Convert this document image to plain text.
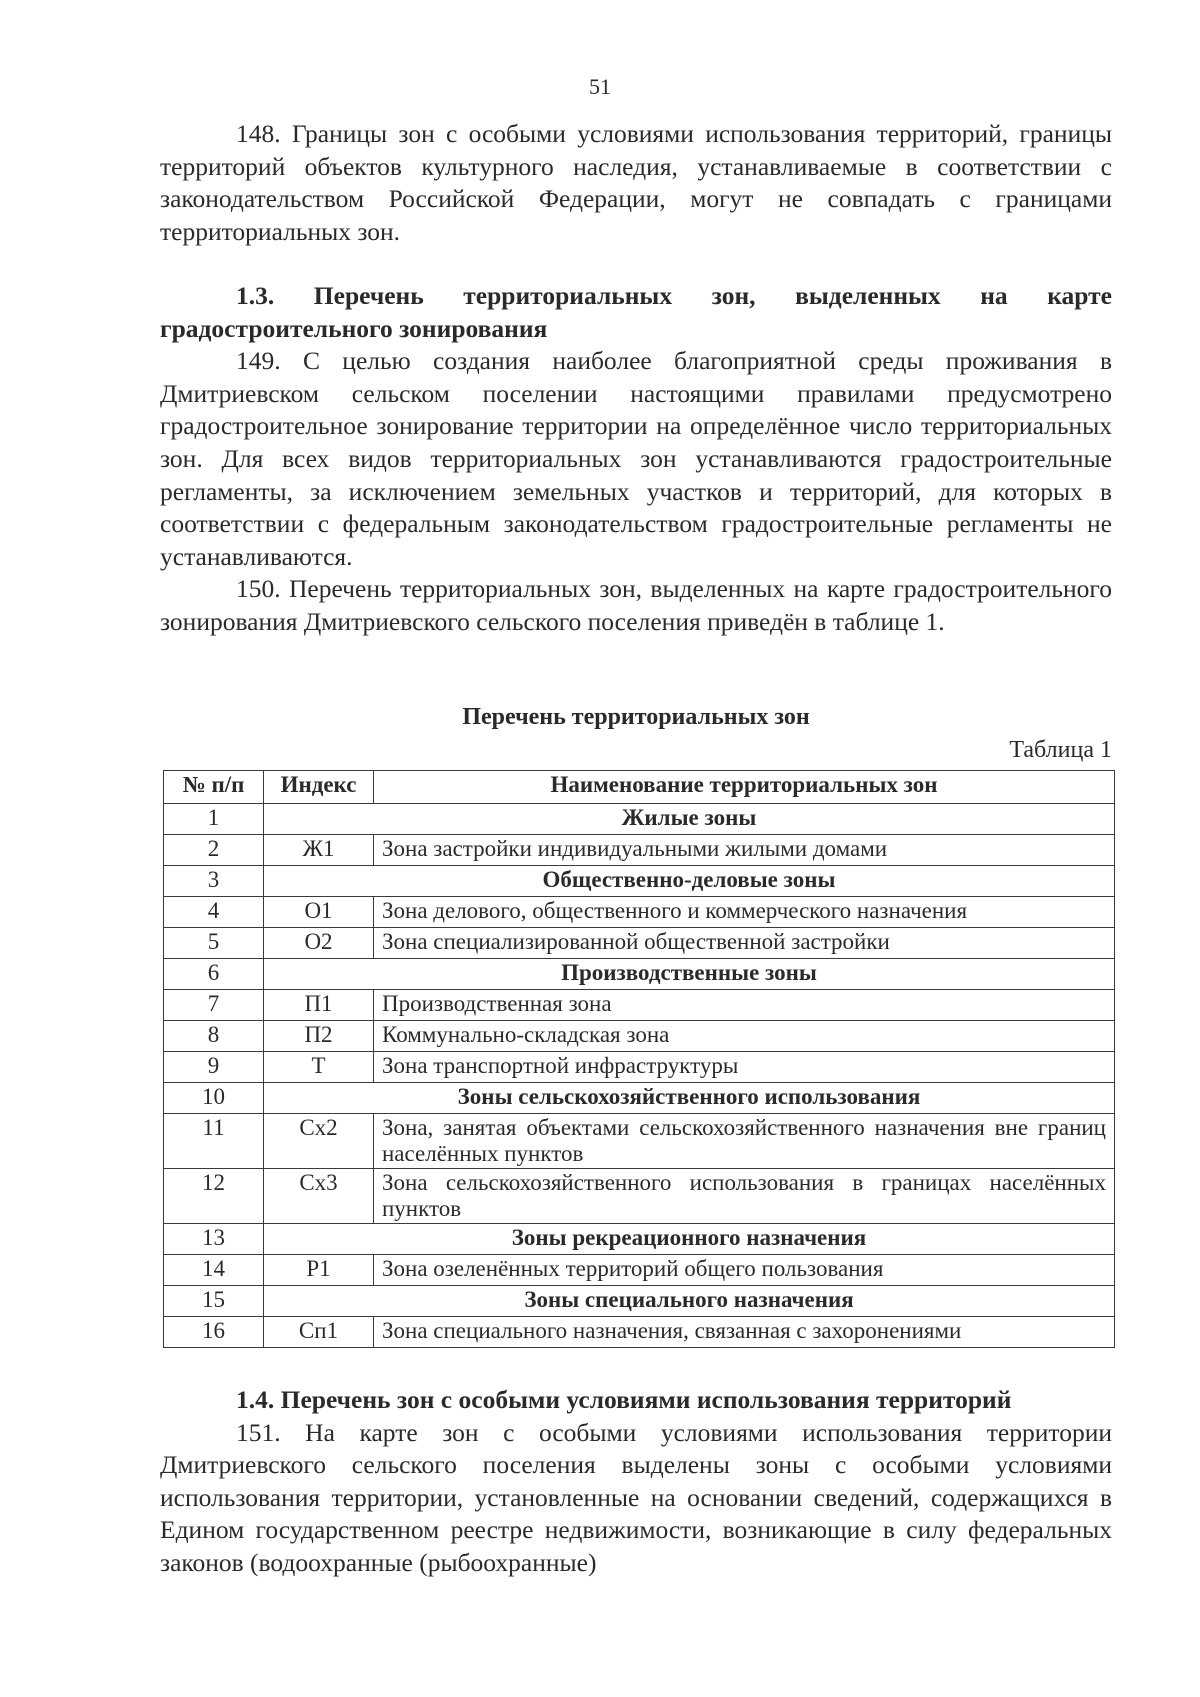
51

148. Границы зон с особыми условиями использования территорий, границы территорий объектов культурного наследия, устанавливаемые в соответствии с законодательством Российской Федерации, могут не совпадать с границами территориальных зон.

1.3. Перечень территориальных зон, выделенных на карте градостроительного зонирования

149. С целью создания наиболее благоприятной среды проживания в Дмитриевском сельском поселении настоящими правилами предусмотрено градостроительное зонирование территории на определённое число территориальных зон. Для всех видов территориальных зон устанавливаются градостроительные регламенты, за исключением земельных участков и территорий, для которых в соответствии с федеральным законодательством градостроительные регламенты не устанавливаются.

150. Перечень территориальных зон, выделенных на карте градостроительного зонирования Дмитриевского сельского поселения приведён в таблице 1.

Перечень территориальных зон
Таблица 1
№ п/п	Индекс	Наименование территориальных зон
1	Жилые зоны	
2	Ж1	Зона застройки индивидуальными жилыми домами
3	Общественно-деловые зоны	
4	О1	Зона делового, общественного и коммерческого назначения
5	О2	Зона специализированной общественной застройки
6	Производственные зоны	
7	П1	Производственная зона
8	П2	Коммунально-складская зона
9	Т	Зона транспортной инфраструктуры
10	Зоны сельскохозяйственного использования	
11	Сх2	Зона, занятая объектами сельскохозяйственного назначения вне границ населённых пунктов
12	Сх3	Зона сельскохозяйственного использования в границах населённых пунктов
13	Зоны рекреационного назначения	
14	Р1	Зона озеленённых территорий общего пользования
15	Зоны специального назначения	
16	Сп1	Зона специального назначения, связанная с захоронениями

1.4. Перечень зон с особыми условиями использования территорий

151. На карте зон с особыми условиями использования территории Дмитриевского сельского поселения выделены зоны с особыми условиями использования территории, установленные на основании сведений, содержащихся в Едином государственном реестре недвижимости, возникающие в силу федеральных законов (водоохранные (рыбоохранные)
